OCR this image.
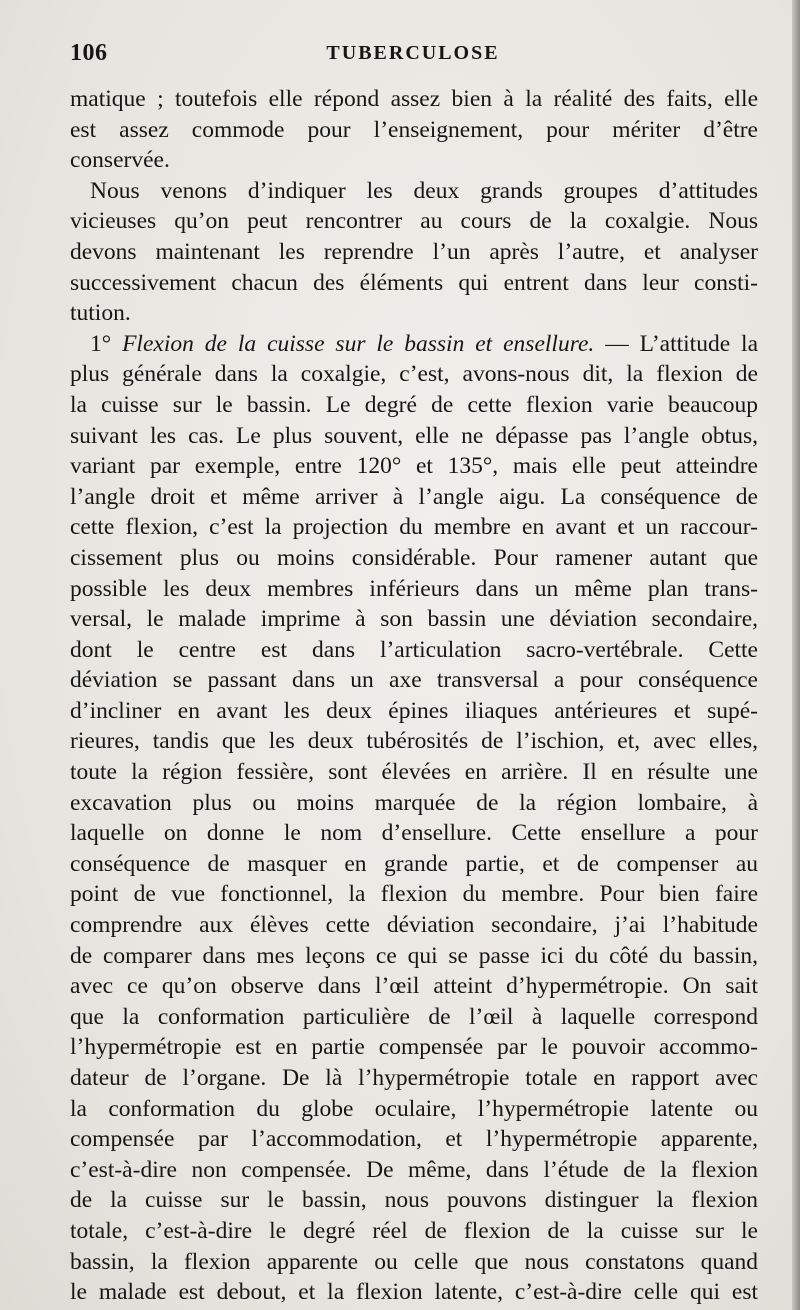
106	TUBERCULOSE
matique ; toutefois elle répond assez bien à la réalité des faits, elle
est assez commode pour l’enseignement, pour mériter d’être
conservée.
Nous venons d’indiquer les deux grands groupes d’attitudes
vicieuses qu’on peut rencontrer au cours de la coxalgie. Nous
devons maintenant les reprendre l’un après l’autre, et analyser
successivement chacun des éléments qui entrent dans leur consti-
tution.
1° Flexion de la cuisse sur le bassin et ensellure. — L’attitude la
plus générale dans la coxalgie, c’est, avons-nous dit, la flexion de
la cuisse sur le bassin. Le degré de cette flexion varie beaucoup
suivant les cas. Le plus souvent, elle ne dépasse pas l’angle obtus,
variant par exemple, entre 120° et 135°, mais elle peut atteindre
l’angle droit et même arriver à l’angle aigu. La conséquence de
cette flexion, c’est la projection du membre en avant et un raccour-
cissement plus ou moins considérable. Pour ramener autant que
possible les deux membres inférieurs dans un même plan trans-
versal, le malade imprime à son bassin une déviation secondaire,
dont le centre est dans l’articulation sacro-vertébrale. Cette
déviation se passant dans un axe transversal a pour conséquence
d’incliner en avant les deux épines iliaques antérieures et supé-
rieures, tandis que les deux tubérosités de l’ischion, et, avec elles,
toute la région fessière, sont élevées en arrière. Il en résulte une
excavation plus ou moins marquée de la région lombaire, à
laquelle on donne le nom d’ensellure. Cette ensellure a pour
conséquence de masquer en grande partie, et de compenser au
point de vue fonctionnel, la flexion du membre. Pour bien faire
comprendre aux élèves cette déviation secondaire, j’ai l’habitude
de comparer dans mes leçons ce qui se passe ici du côté du bassin,
avec ce qu’on observe dans l’œil atteint d’hypermétropie. On sait
que la conformation particulière de l’œil à laquelle correspond
l’hypermétropie est en partie compensée par le pouvoir accommo-
dateur de l’organe. De là l’hypermétropie totale en rapport avec
la conformation du globe oculaire, l’hypermétropie latente ou
compensée par l’accommodation, et l’hypermétropie apparente,
c’est-à-dire non compensée. De même, dans l’étude de la flexion
de la cuisse sur le bassin, nous pouvons distinguer la flexion
totale, c’est-à-dire le degré réel de flexion de la cuisse sur le
bassin, la flexion apparente ou celle que nous constatons quand
le malade est debout, et la flexion latente, c’est-à-dire celle qui est
